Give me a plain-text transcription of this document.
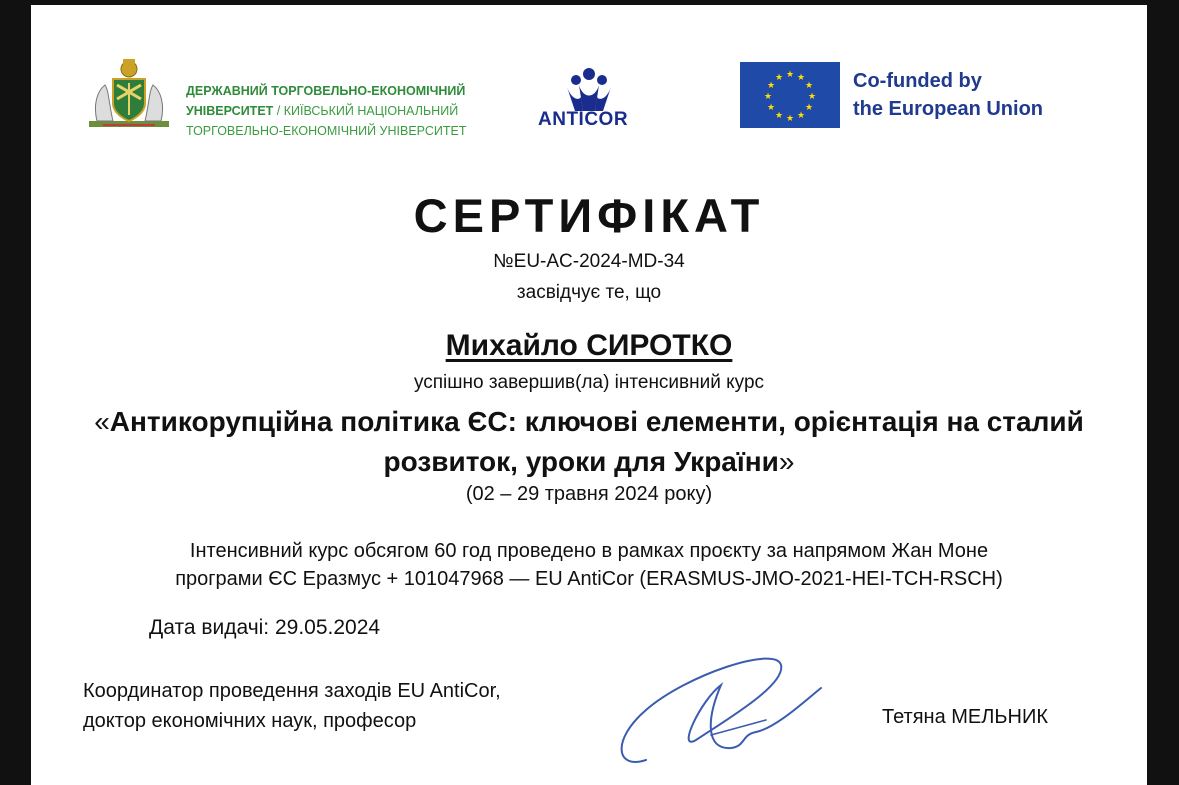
ДЕРЖАВНИЙ ТОРГОВЕЛЬНО-ЕКОНОМІЧНИЙ
УНІВЕРСИТЕТ / КИЇВСЬКИЙ НАЦІОНАЛЬНИЙ
ТОРГОВЕЛЬНО-ЕКОНОМІЧНИЙ УНІВЕРСИТЕТ
ANTICOR
★ ★
★
★
★
★
★
★
★
★
★
★	Co-funded by
the European Union
СЕРТИФІКАТ
№EU-AC-2024-MD-34
засвідчує те, що
Михайло СИРОТКО
успішно завершив(ла) інтенсивний курс
«Антикорупційна політика ЄС: ключові елементи, орієнтація на сталий
розвиток, уроки для України»
(02 – 29 травня 2024 року)
Інтенсивний курс обсягом 60 год проведено в рамках проєкту за напрямом Жан Моне
програми ЄС Еразмус + 101047968 — EU AntiCor (ERASMUS-JMO-2021-HEI-TCH-RSCH)
Дата видачі: 29.05.2024
Координатор проведення заходів EU AntiCor,
доктор економічних наук, професор	Тетяна МЕЛЬНИК
